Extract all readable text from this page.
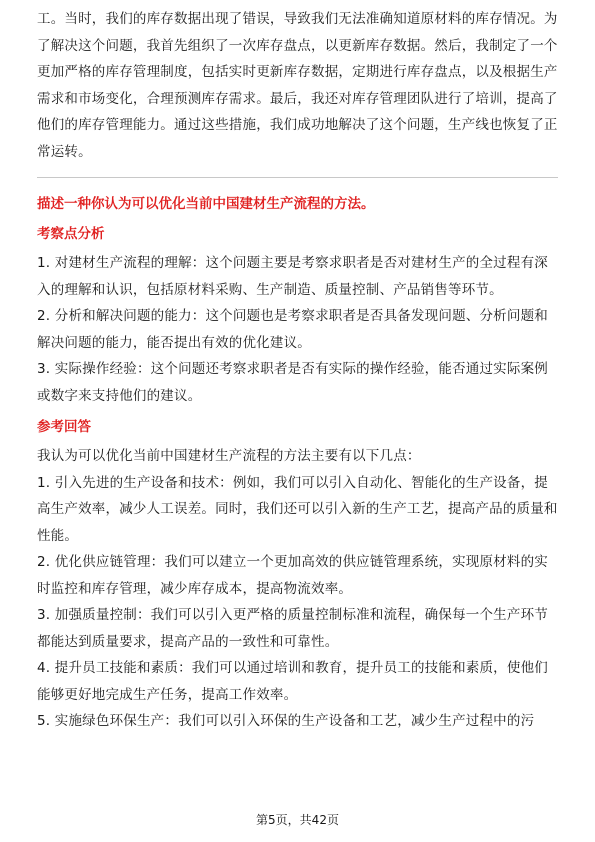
工。当时，我们的库存数据出现了错误，导致我们无法准确知道原材料的库存情况。为了解决这个问题，我首先组织了一次库存盘点，以更新库存数据。然后，我制定了一个更加严格的库存管理制度，包括实时更新库存数据，定期进行库存盘点，以及根据生产需求和市场变化，合理预测库存需求。最后，我还对库存管理团队进行了培训，提高了他们的库存管理能力。通过这些措施，我们成功地解决了这个问题，生产线也恢复了正常运转。

描述一种你认为可以优化当前中国建材生产流程的方法。

考察点分析

1. 对建材生产流程的理解：这个问题主要是考察求职者是否对建材生产的全过程有深入的理解和认识，包括原材料采购、生产制造、质量控制、产品销售等环节。

2. 分析和解决问题的能力：这个问题也是考察求职者是否具备发现问题、分析问题和解决问题的能力，能否提出有效的优化建议。

3. 实际操作经验：这个问题还考察求职者是否有实际的操作经验，能否通过实际案例或数字来支持他们的建议。

参考回答

我认为可以优化当前中国建材生产流程的方法主要有以下几点：

1. 引入先进的生产设备和技术：例如，我们可以引入自动化、智能化的生产设备，提高生产效率，减少人工误差。同时，我们还可以引入新的生产工艺，提高产品的质量和性能。

2. 优化供应链管理：我们可以建立一个更加高效的供应链管理系统，实现原材料的实时监控和库存管理，减少库存成本，提高物流效率。

3. 加强质量控制：我们可以引入更严格的质量控制标准和流程，确保每一个生产环节都能达到质量要求，提高产品的一致性和可靠性。

4. 提升员工技能和素质：我们可以通过培训和教育，提升员工的技能和素质，使他们能够更好地完成生产任务，提高工作效率。

5. 实施绿色环保生产：我们可以引入环保的生产设备和工艺，减少生产过程中的污

第5页，共42页
